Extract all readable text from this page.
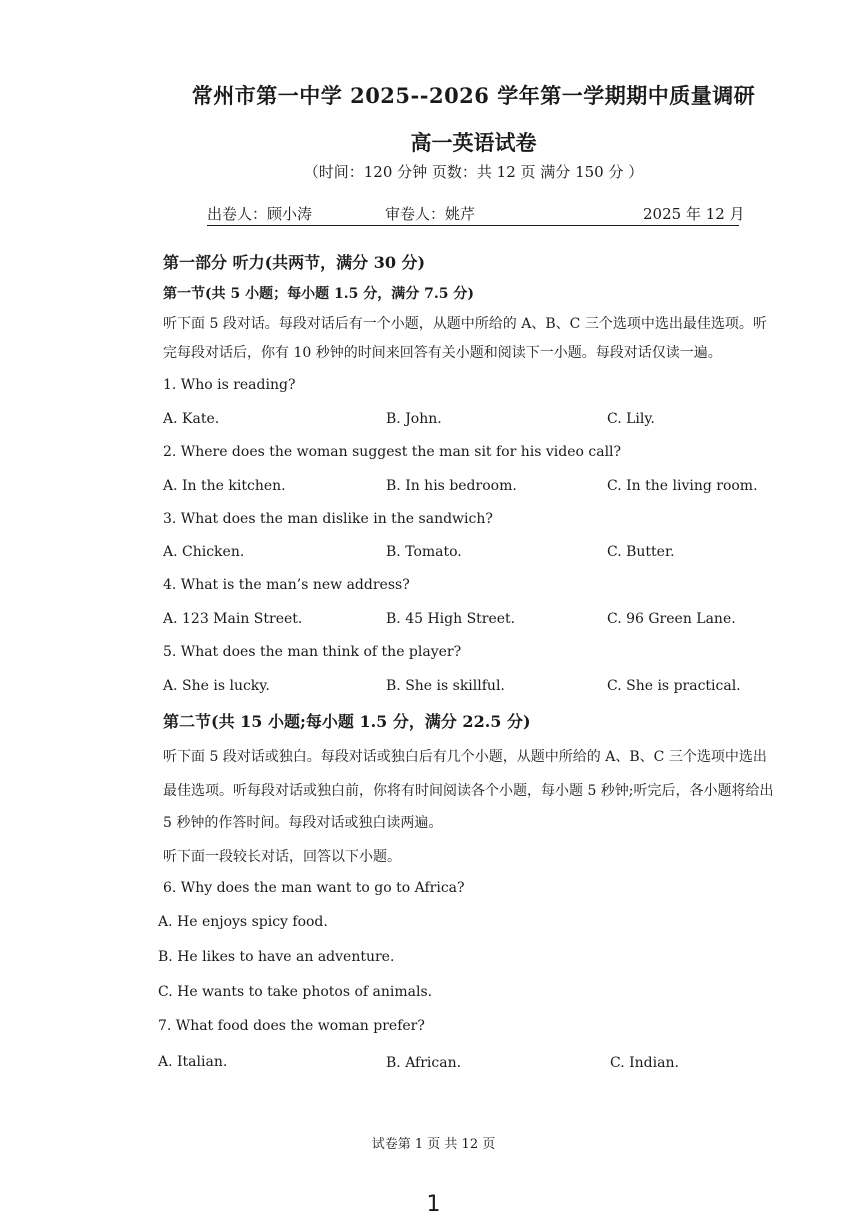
常州市第一中学 2025--2026 学年第一学期期中质量调研
高一英语试卷
（时间：120 分钟 页数：共 12 页 满分 150 分 ）
出卷人：顾小涛	审卷人：姚芹	2025 年 12 月
第一部分 听力(共两节，满分 30 分)
第一节(共 5 小题；每小题 1.5 分，满分 7.5 分)
听下面 5 段对话。每段对话后有一个小题，从题中所给的 A、B、C 三个选项中选出最佳选项。听
完每段对话后，你有 10 秒钟的时间来回答有关小题和阅读下一小题。每段对话仅读一遍。
1. Who is reading?
A. Kate.	B. John.	C. Lily.
2. Where does the woman suggest the man sit for his video call?
A. In the kitchen.	B. In his bedroom.	C. In the living room.
3. What does the man dislike in the sandwich?
A. Chicken.	B. Tomato.	C. Butter.
4. What is the man’s new address?
A. 123 Main Street.	B. 45 High Street.	C. 96 Green Lane.
5. What does the man think of the player?
A. She is lucky.	B. She is skillful.	C. She is practical.
第二节(共 15 小题;每小题 1.5 分，满分 22.5 分)
听下面 5 段对话或独白。每段对话或独白后有几个小题，从题中所给的 A、B、C 三个选项中选出
最佳选项。听每段对话或独白前，你将有时间阅读各个小题，每小题 5 秒钟;听完后，各小题将给出
5 秒钟的作答时间。每段对话或独白读两遍。
听下面一段较长对话，回答以下小题。
6. Why does the man want to go to Africa?
A. He enjoys spicy food.
B. He likes to have an adventure.
C. He wants to take photos of animals.
7. What food does the woman prefer?
A. Italian.	B. African.	C. Indian.
试卷第 1 页 共 12 页
1
